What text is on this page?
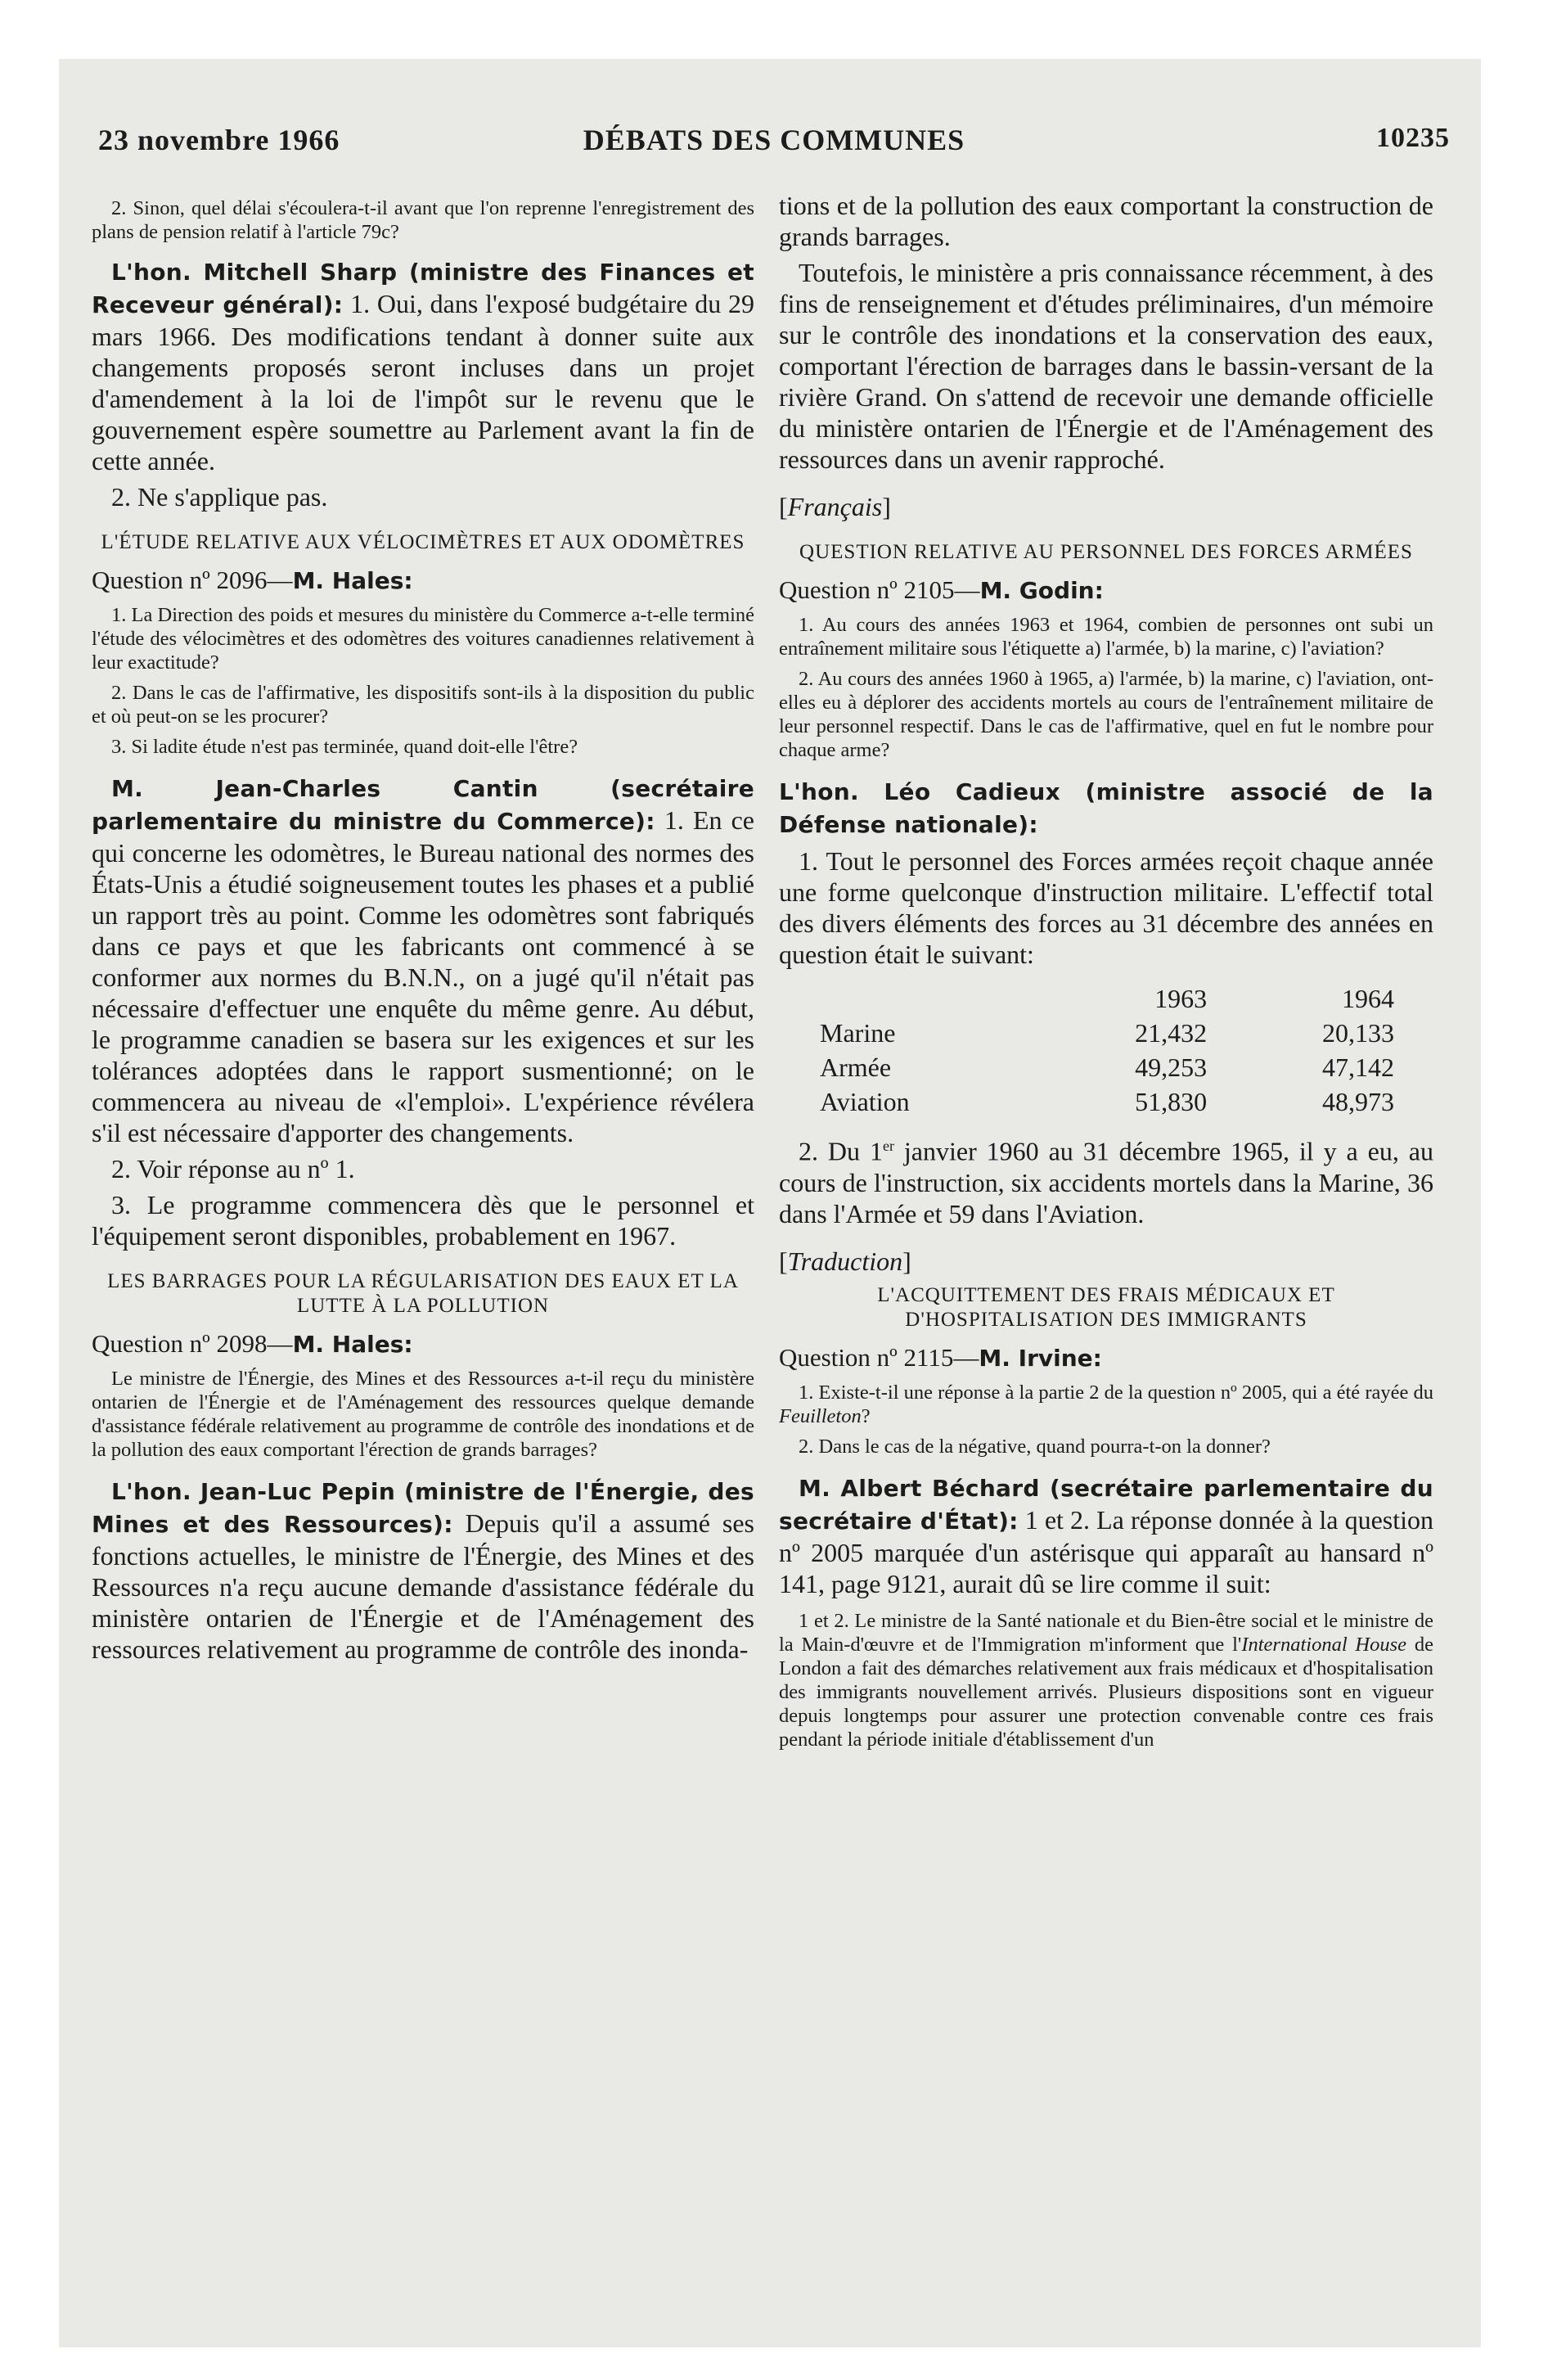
23 novembre 1966	DÉBATS DES COMMUNES	10235

2. Sinon, quel délai s'écoulera-t-il avant que l'on reprenne l'enregistrement des plans de pension relatif à l'article 79c?

L'hon. Mitchell Sharp (ministre des Finances et Receveur général): 1. Oui, dans l'exposé budgétaire du 29 mars 1966. Des modifications tendant à donner suite aux changements proposés seront incluses dans un projet d'amendement à la loi de l'impôt sur le revenu que le gouvernement espère soumettre au Parlement avant la fin de cette année.

2. Ne s'applique pas.

L'ÉTUDE RELATIVE AUX VÉLOCIMÈTRES ET AUX ODOMÈTRES

Question nº 2096—M. Hales:

1. La Direction des poids et mesures du ministère du Commerce a-t-elle terminé l'étude des vélocimètres et des odomètres des voitures canadiennes relativement à leur exactitude?

2. Dans le cas de l'affirmative, les dispositifs sont-ils à la disposition du public et où peut-on se les procurer?

3. Si ladite étude n'est pas terminée, quand doit-elle l'être?

M. Jean-Charles Cantin (secrétaire parlementaire du ministre du Commerce): 1. En ce qui concerne les odomètres, le Bureau national des normes des États-Unis a étudié soigneusement toutes les phases et a publié un rapport très au point. Comme les odomètres sont fabriqués dans ce pays et que les fabricants ont commencé à se conformer aux normes du B.N.N., on a jugé qu'il n'était pas nécessaire d'effectuer une enquête du même genre. Au début, le programme canadien se basera sur les exigences et sur les tolérances adoptées dans le rapport susmentionné; on le commencera au niveau de «l'emploi». L'expérience révélera s'il est nécessaire d'apporter des changements.

2. Voir réponse au nº 1.

3. Le programme commencera dès que le personnel et l'équipement seront disponibles, probablement en 1967.

LES BARRAGES POUR LA RÉGULARISATION DES EAUX ET LA LUTTE À LA POLLUTION

Question nº 2098—M. Hales:

Le ministre de l'Énergie, des Mines et des Ressources a-t-il reçu du ministère ontarien de l'Énergie et de l'Aménagement des ressources quelque demande d'assistance fédérale relativement au programme de contrôle des inondations et de la pollution des eaux comportant l'érection de grands barrages?

L'hon. Jean-Luc Pepin (ministre de l'Énergie, des Mines et des Ressources): Depuis qu'il a assumé ses fonctions actuelles, le ministre de l'Énergie, des Mines et des Ressources n'a reçu aucune demande d'assistance fédérale du ministère ontarien de l'Énergie et de l'Aménagement des ressources relativement au programme de contrôle des inonda-

tions et de la pollution des eaux comportant la construction de grands barrages.

Toutefois, le ministère a pris connaissance récemment, à des fins de renseignement et d'études préliminaires, d'un mémoire sur le contrôle des inondations et la conservation des eaux, comportant l'érection de barrages dans le bassin-versant de la rivière Grand. On s'attend de recevoir une demande officielle du ministère ontarien de l'Énergie et de l'Aménagement des ressources dans un avenir rapproché.

[Français]

QUESTION RELATIVE AU PERSONNEL DES FORCES ARMÉES

Question nº 2105—M. Godin:

1. Au cours des années 1963 et 1964, combien de personnes ont subi un entraînement militaire sous l'étiquette a) l'armée, b) la marine, c) l'aviation?

2. Au cours des années 1960 à 1965, a) l'armée, b) la marine, c) l'aviation, ont-elles eu à déplorer des accidents mortels au cours de l'entraînement militaire de leur personnel respectif. Dans le cas de l'affirmative, quel en fut le nombre pour chaque arme?

L'hon. Léo Cadieux (ministre associé de la Défense nationale):

1. Tout le personnel des Forces armées reçoit chaque année une forme quelconque d'instruction militaire. L'effectif total des divers éléments des forces au 31 décembre des années en question était le suivant:

	1963	1964
Marine	21,432	20,133
Armée	49,253	47,142
Aviation	51,830	48,973

2. Du 1er janvier 1960 au 31 décembre 1965, il y a eu, au cours de l'instruction, six accidents mortels dans la Marine, 36 dans l'Armée et 59 dans l'Aviation.

[Traduction]

L'ACQUITTEMENT DES FRAIS MÉDICAUX ET D'HOSPITALISATION DES IMMIGRANTS

Question nº 2115—M. Irvine:

1. Existe-t-il une réponse à la partie 2 de la question nº 2005, qui a été rayée du Feuilleton?

2. Dans le cas de la négative, quand pourra-t-on la donner?

M. Albert Béchard (secrétaire parlementaire du secrétaire d'État): 1 et 2. La réponse donnée à la question nº 2005 marquée d'un astérisque qui apparaît au hansard nº 141, page 9121, aurait dû se lire comme il suit:

1 et 2. Le ministre de la Santé nationale et du Bien-être social et le ministre de la Main-d'œuvre et de l'Immigration m'informent que l'International House de London a fait des démarches relativement aux frais médicaux et d'hospitalisation des immigrants nouvellement arrivés. Plusieurs dispositions sont en vigueur depuis longtemps pour assurer une protection convenable contre ces frais pendant la période initiale d'établissement d'un
